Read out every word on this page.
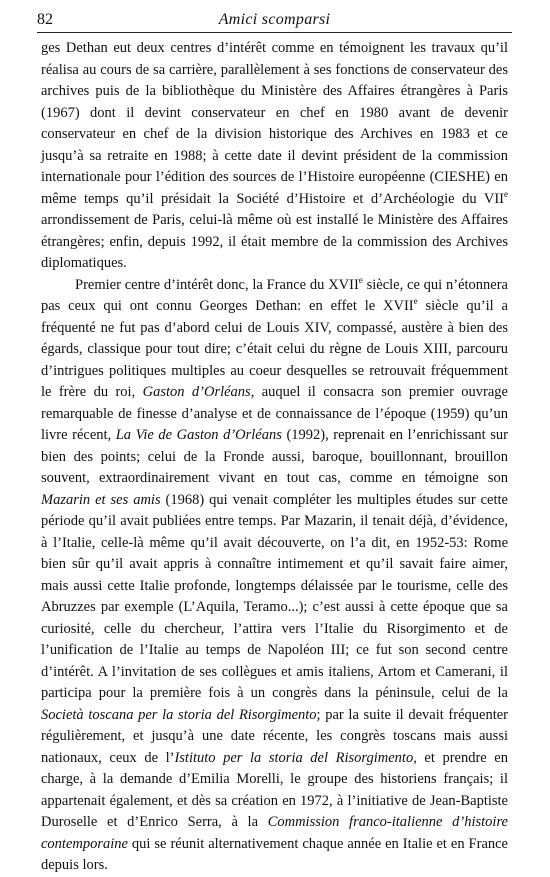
82	Amici scomparsi

ges Dethan eut deux centres d’intérêt comme en témoignent les travaux qu’il réalisa au cours de sa carrière, parallèlement à ses fonctions de conservateur des archives puis de la bibliothèque du Ministère des Affaires étrangères à Paris (1967) dont il devint conservateur en chef en 1980 avant de devenir conservateur en chef de la division historique des Archives en 1983 et ce jusqu’à sa retraite en 1988; à cette date il devint président de la commission internationale pour l’édition des sources de l’Histoire européenne (CIESHE) en même temps qu’il présidait la Société d’Histoire et d’Archéologie du VIIe arrondissement de Paris, celui-là même où est installé le Ministère des Affaires étrangères; enfin, depuis 1992, il était membre de la commission des Archives diplomatiques.

Premier centre d’intérêt donc, la France du XVIIe siècle, ce qui n’étonnera pas ceux qui ont connu Georges Dethan: en effet le XVIIe siècle qu’il a fréquenté ne fut pas d’abord celui de Louis XIV, compassé, austère à bien des égards, classique pour tout dire; c’était celui du règne de Louis XIII, parcouru d’intrigues politiques multiples au coeur desquelles se retrouvait fréquemment le frère du roi, Gaston d’Orléans, auquel il consacra son premier ouvrage remarquable de finesse d’analyse et de connaissance de l’époque (1959) qu’un livre récent, La Vie de Gaston d’Orléans (1992), reprenait en l’enrichissant sur bien des points; celui de la Fronde aussi, baroque, bouillonnant, brouillon souvent, extraordinairement vivant en tout cas, comme en témoigne son Mazarin et ses amis (1968) qui venait compléter les multiples études sur cette période qu’il avait publiées entre temps. Par Mazarin, il tenait déjà, d’évidence, à l’Italie, celle-là même qu’il avait découverte, on l’a dit, en 1952-53: Rome bien sûr qu’il avait appris à connaître intimement et qu’il savait faire aimer, mais aussi cette Italie profonde, longtemps délaissée par le tourisme, celle des Abruzzes par exemple (L’Aquila, Teramo...); c’est aussi à cette époque que sa curiosité, celle du chercheur, l’attira vers l’Italie du Risorgimento et de l’unification de l’Italie au temps de Napoléon III; ce fut son second centre d’intérêt. A l’invitation de ses collègues et amis italiens, Artom et Camerani, il participa pour la première fois à un congrès dans la péninsule, celui de la Società toscana per la storia del Risorgimento; par la suite il devait fréquenter régulièrement, et jusqu’à une date récente, les congrès toscans mais aussi nationaux, ceux de l’Istituto per la storia del Risorgimento, et prendre en charge, à la demande d’Emilia Morelli, le groupe des historiens français; il appartenait également, et dès sa création en 1972, à l’initiative de Jean-Baptiste Duroselle et d’Enrico Serra, à la Commission franco-italienne d’histoire contemporaine qui se réunit alternativement chaque année en Italie et en France depuis lors.
